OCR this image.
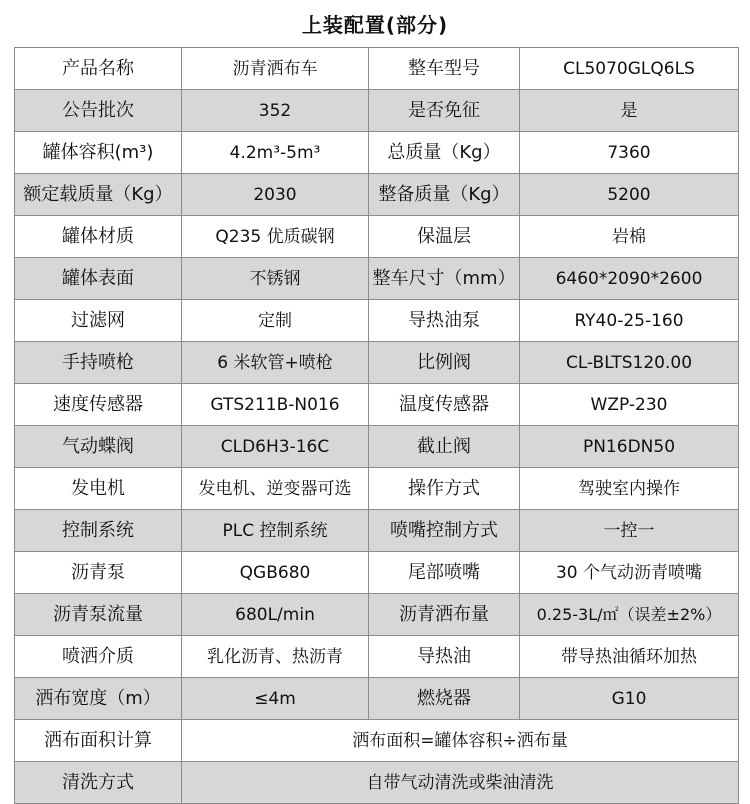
上装配置(部分)
产品名称	沥青洒布车	整车型号	CL5070GLQ6LS
公告批次	352	是否免征	是
罐体容积(m³)	4.2m³-5m³	总质量（Kg）	7360
额定载质量（Kg）	2030	整备质量（Kg）	5200
罐体材质	Q235 优质碳钢	保温层	岩棉
罐体表面	不锈钢	整车尺寸（mm）	6460*2090*2600
过滤网	定制	导热油泵	RY40-25-160
手持喷枪	6 米软管+喷枪	比例阀	CL-BLTS120.00
速度传感器	GTS211B-N016	温度传感器	WZP-230
气动蝶阀	CLD6H3-16C	截止阀	PN16DN50
发电机	发电机、逆变器可选	操作方式	驾驶室内操作
控制系统	PLC 控制系统	喷嘴控制方式	一控一
沥青泵	QGB680	尾部喷嘴	30 个气动沥青喷嘴
沥青泵流量	680L/min	沥青洒布量	0.25-3L/㎡（误差±2%）
喷洒介质	乳化沥青、热沥青	导热油	带导热油循环加热
洒布宽度（m）	≤4m	燃烧器	G10
洒布面积计算	洒布面积=罐体容积÷洒布量		
清洗方式	自带气动清洗或柴油清洗		
